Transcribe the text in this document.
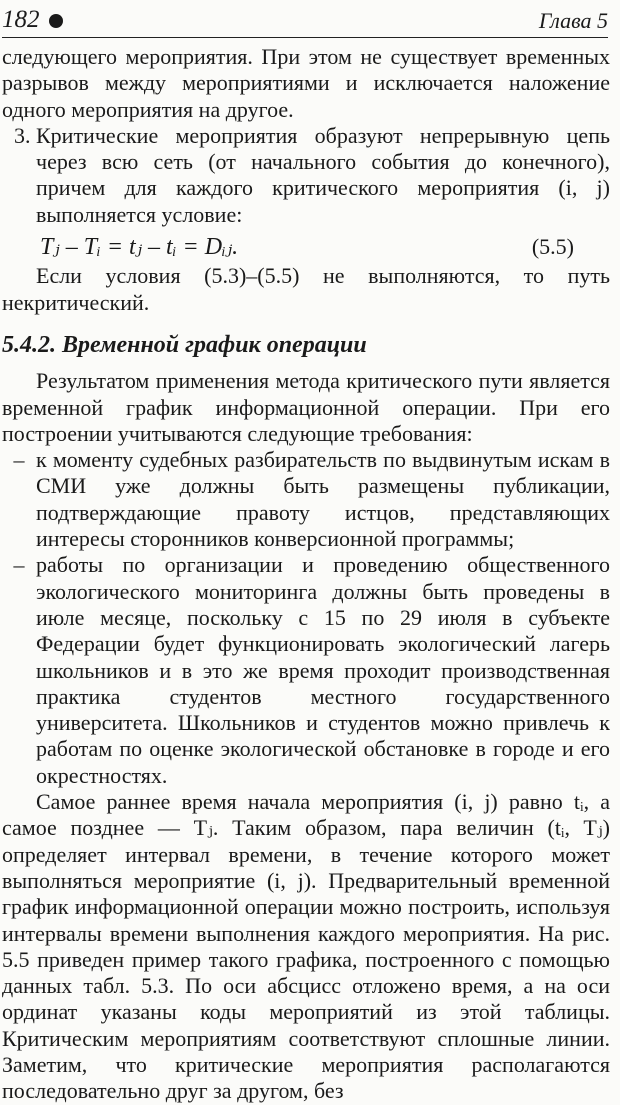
182	Глава 5

следующего мероприятия. При этом не существует временных разрывов между мероприятиями и исключается наложение одного мероприятия на другое.

3. Критические мероприятия образуют непрерывную цепь через всю сеть (от начального события до конечного), причем для каждого критического мероприятия (i, j) выполняется условие:
Tⱼ – Tᵢ = tⱼ – tᵢ = Dᵢⱼ.	(5.5)

Если условия (5.3)–(5.5) не выполняются, то путь некритический.

5.4.2. Временной график операции

Результатом применения метода критического пути является временной график информационной операции. При его построении учитываются следующие требования:

– к моменту судебных разбирательств по выдвинутым искам в СМИ уже должны быть размещены публикации, подтверждающие правоту истцов, представляющих интересы сторонников конверсионной программы;
– работы по организации и проведению общественного экологического мониторинга должны быть проведены в июле месяце, поскольку с 15 по 29 июля в субъекте Федерации будет функционировать экологический лагерь школьников и в это же время проходит производственная практика студентов местного государственного университета. Школьников и студентов можно привлечь к работам по оценке экологической обстановке в городе и его окрестностях.

Самое раннее время начала мероприятия (i, j) равно tᵢ, а самое позднее — Tⱼ. Таким образом, пара величин (tᵢ, Tⱼ) определяет интервал времени, в течение которого может выполняться мероприятие (i, j). Предварительный временной график информационной операции можно построить, используя интервалы времени выполнения каждого мероприятия. На рис. 5.5 приведен пример такого графика, построенного с помощью данных табл. 5.3. По оси абсцисс отложено время, а на оси ординат указаны коды мероприятий из этой таблицы. Критическим мероприятиям соответствуют сплошные линии. Заметим, что критические мероприятия располагаются последовательно друг за другом, без
